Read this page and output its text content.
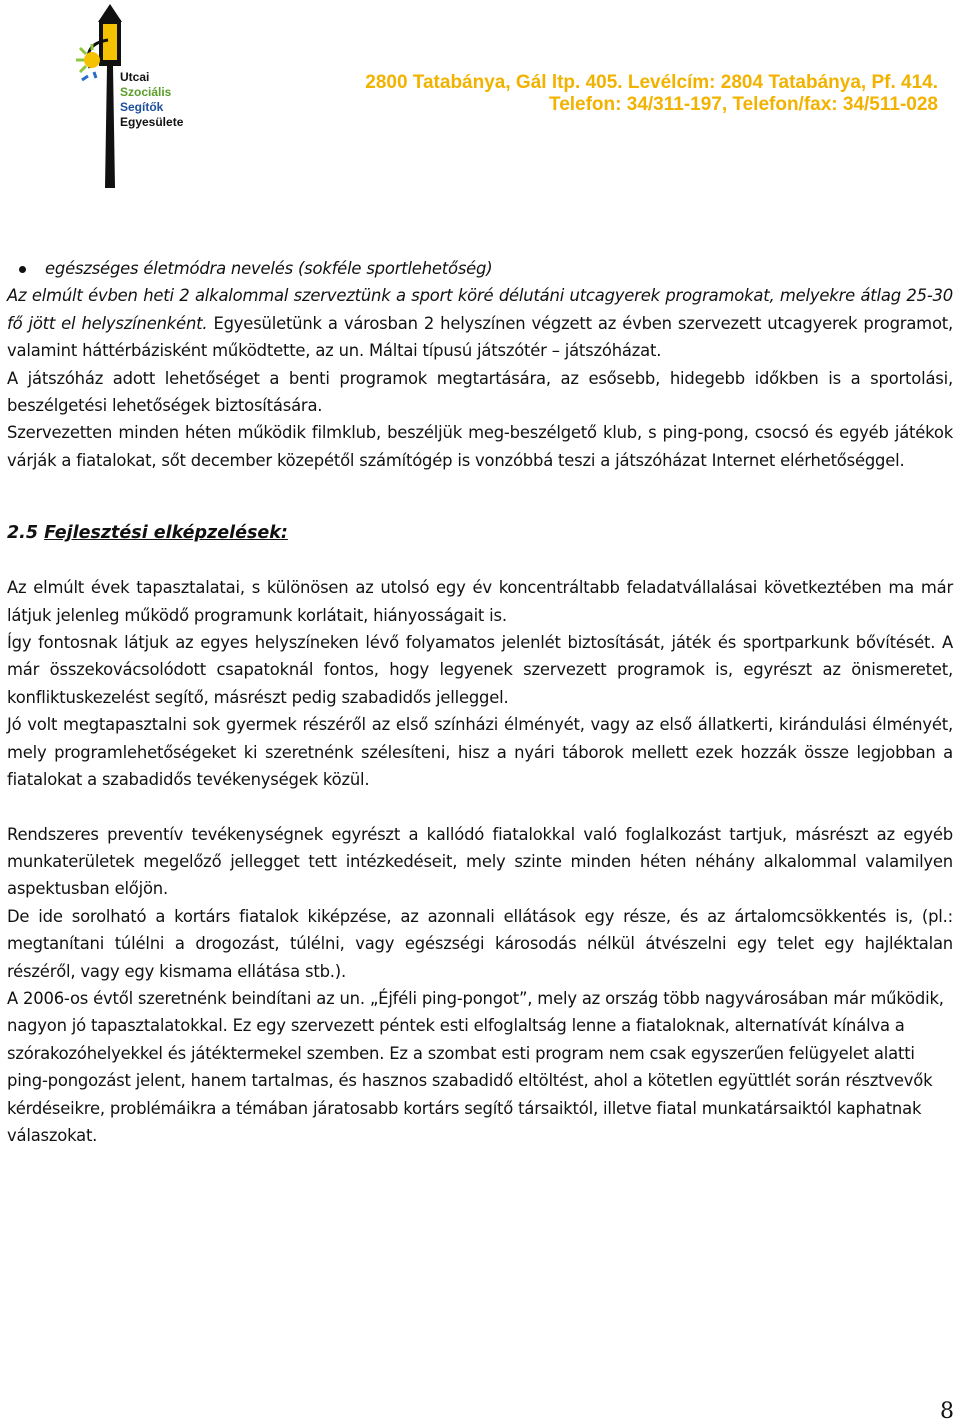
Utcai
Szociális
Segítők
Egyesülete
2800 Tatabánya, Gál ltp. 405. Levélcím: 2804 Tatabánya, Pf. 414.
Telefon: 34/311-197, Telefon/fax: 34/511-028

egészséges életmódra nevelés (sokféle sportlehetőség)

Az elmúlt évben heti 2 alkalommal szerveztünk a sport köré délutáni utcagyerek programokat, melyekre átlag 25-30 fő jött el helyszínenként. Egyesületünk a városban 2 helyszínen végzett az évben szervezett utcagyerek programot, valamint háttérbázisként működtette, az un. Máltai típusú játszótér – játszóházat.

A játszóház adott lehetőséget a benti programok megtartására, az esősebb, hidegebb időkben is a sportolási, beszélgetési lehetőségek biztosítására.

Szervezetten minden héten működik filmklub, beszéljük meg-beszélgető klub, s ping-pong, csocsó és egyéb játékok várják a fiatalokat, sőt december közepétől számítógép is vonzóbbá teszi a játszóházat Internet elérhetőséggel.

2.5 Fejlesztési elképzelések:

Az elmúlt évek tapasztalatai, s különösen az utolsó egy év koncentráltabb feladatvállalásai következtében ma már látjuk jelenleg működő programunk korlátait, hiányosságait is.

Így fontosnak látjuk az egyes helyszíneken lévő folyamatos jelenlét biztosítását, játék és sportparkunk bővítését. A már összekovácsolódott csapatoknál fontos, hogy legyenek szervezett programok is, egyrészt az önismeretet, konfliktuskezelést segítő, másrészt pedig szabadidős jelleggel.

Jó volt megtapasztalni sok gyermek részéről az első színházi élményét, vagy az első állatkerti, kirándulási élményét, mely programlehetőségeket ki szeretnénk szélesíteni, hisz a nyári táborok mellett ezek hozzák össze legjobban a fiatalokat a szabadidős tevékenységek közül.

Rendszeres preventív tevékenységnek egyrészt a kallódó fiatalokkal való foglalkozást tartjuk, másrészt az egyéb munkaterületek megelőző jellegget tett intézkedéseit, mely szinte minden héten néhány alkalommal valamilyen aspektusban előjön.

De ide sorolható a kortárs fiatalok kiképzése, az azonnali ellátások egy része, és az ártalomcsökkentés is, (pl.: megtanítani túlélni a drogozást, túlélni, vagy egészségi károsodás nélkül átvészelni egy telet egy hajléktalan részéről, vagy egy kismama ellátása stb.).

A 2006-os évtől szeretnénk beindítani az un. „Éjféli ping-pongot”, mely az ország több nagyvárosában már működik, nagyon jó tapasztalatokkal. Ez egy szervezett péntek esti elfoglaltság lenne a fiataloknak, alternatívát kínálva a szórakozóhelyekkel és játéktermekel szemben. Ez a szombat esti program nem csak egyszerűen felügyelet alatti ping-pongozást jelent, hanem tartalmas, és hasznos szabadidő eltöltést, ahol a kötetlen együttlét során résztvevők kérdéseikre, problémáikra a témában járatosabb kortárs segítő társaiktól, illetve fiatal munkatársaiktól kaphatnak válaszokat.

8
